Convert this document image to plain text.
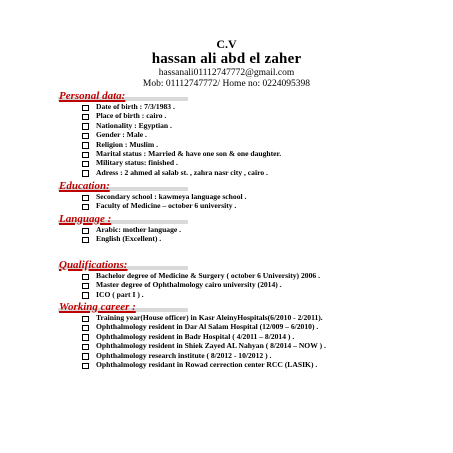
C.V
hassan ali abd el zaher
hassanali01112747772@gmail.com
Mob: 01112747772/ Home no: 0224095398
Personal data:
Date of birth : 7/3/1983 .
Place of birth : cairo .
Nationality : Egyptian .
Gender : Male .
Religion : Muslim .
Marital status : Married & have one son & one daughter.
Military status: finished .
Adress : 2 ahmed al salab st. , zahra nasr city , cairo .
Education:
Secondary school : kawmeya language school .
Faculty of Medicine – october 6 university .
Language :
Arabic: mother language .
English (Excellent) .
Qualifications:
Bachelor degree of Medicine & Surgery ( october 6 University) 2006 .
Master degree of Ophthalmology cairo university (2014) .
ICO ( part I ) .
Working career :
Training year(House officer) in Kasr AleinyHospitals(6/2010 - 2/2011).
Ophthalmology resident in Dar Al Salam Hospital (12/009 – 6/2010) .
Ophthalmology resident in Badr Hospital ( 4/2011 – 8/2014 ) .
Ophthalmology resident in Shiek Zayed AL Nahyan ( 8/2014 – NOW ) .
Ophthalmology research institute ( 8/2012 - 10/2012 ) .
Ophthalmology residant in Rowad cerrection center RCC (LASIK) .
